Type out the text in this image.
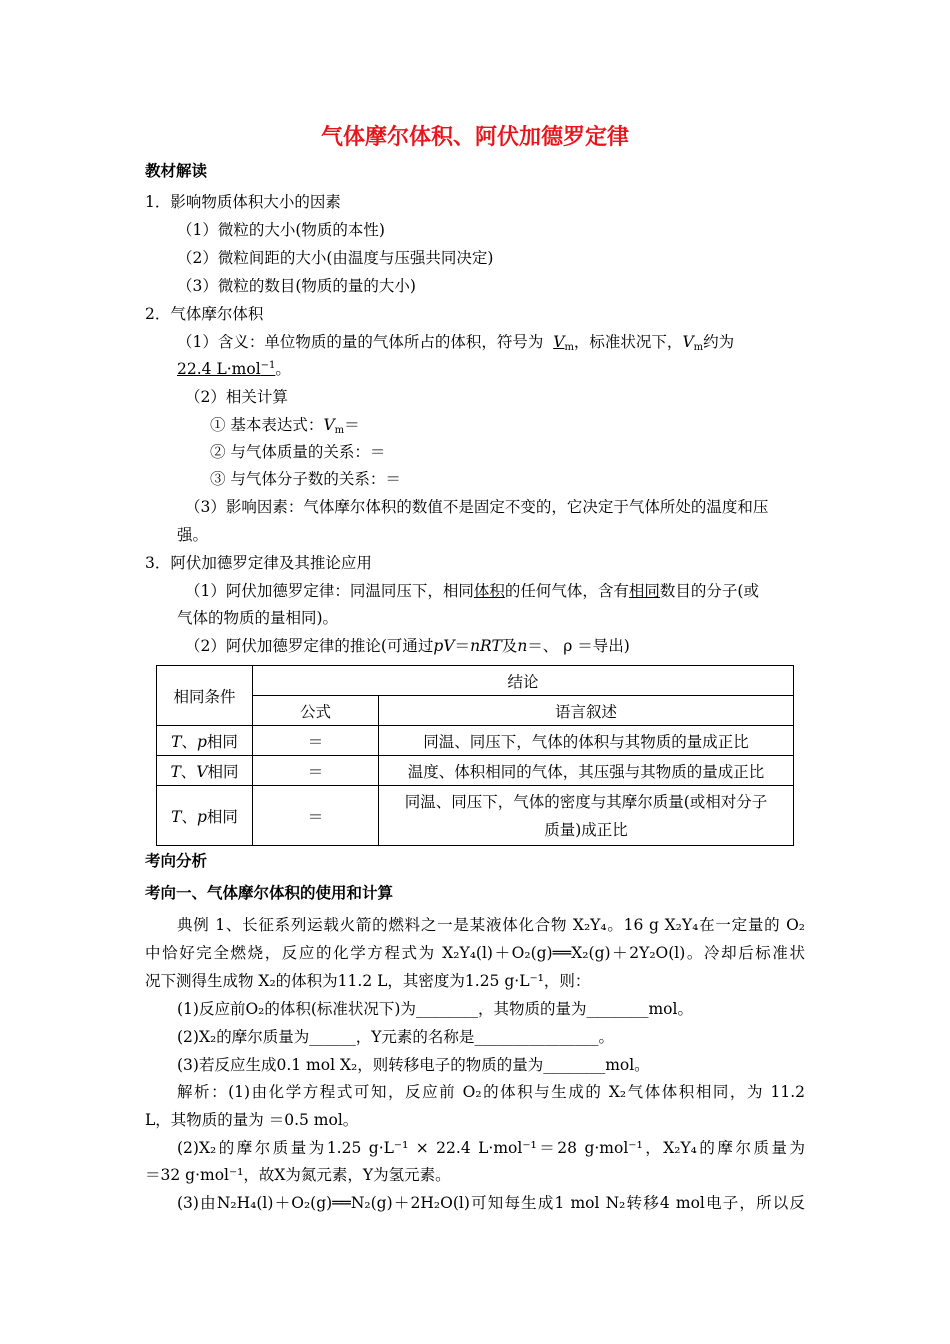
气体摩尔体积、阿伏加德罗定律
教材解读
1．影响物质体积大小的因素
（1）微粒的大小(物质的本性)
（2）微粒间距的大小(由温度与压强共同决定)
（3）微粒的数目(物质的量的大小)
2．气体摩尔体积
（1）含义：单位物质的量的气体所占的体积，符号为 $V_m$，标准状况下，$V_m$约为
22.4 L·mol$^{-1}$。
（2）相关计算
① 基本表达式：$V_m=$
② 与气体质量的关系：＝
③ 与气体分子数的关系：＝
（3）影响因素：气体摩尔体积的数值不是固定不变的，它决定于气体所处的温度和压
强。
3．阿伏加德罗定律及其推论应用
（1）阿伏加德罗定律：同温同压下，相同体积的任何气体，含有相同数目的分子(或
气体的物质的量相同)。
（2）阿伏加德罗定律的推论(可通过pV＝nRT及n＝、 ρ ＝导出)
相同条件	结论	
	公式	语言叙述
T、p相同	＝	同温、同压下，气体的体积与其物质的量成正比
T、V相同	＝	温度、体积相同的气体，其压强与其物质的量成正比
T、p相同	＝	同温、同压下，气体的密度与其摩尔质量(或相对分子
质量)成正比
考向分析
考向一、气体摩尔体积的使用和计算
典例 1、长征系列运载火箭的燃料之一是某液体化合物 X₂Y₄。16 g X₂Y₄在一定量的 O₂
中恰好完全燃烧，反应的化学方程式为 X₂Y₄(l)＋O₂(g)══X₂(g)＋2Y₂O(l)。冷却后标准状
况下测得生成物 X₂的体积为11.2 L，其密度为1.25 g·L⁻¹，则：
(1)反应前O₂的体积(标准状况下)为________，其物质的量为________mol。
(2)X₂的摩尔质量为______，Y元素的名称是________________。
(3)若反应生成0.1 mol X₂，则转移电子的物质的量为________mol。
解析：(1)由化学方程式可知，反应前 O₂的体积与生成的 X₂气体体积相同，为 11.2
L，其物质的量为 ＝0.5 mol。
(2)X₂的摩尔质量为1.25 g·L⁻¹ × 22.4 L·mol⁻¹＝28 g·mol⁻¹，X₂Y₄的摩尔质量为
＝32 g·mol⁻¹，故X为氮元素，Y为氢元素。
(3)由N₂H₄(l)＋O₂(g)══N₂(g)＋2H₂O(l)可知每生成1 mol N₂转移4 mol电子，所以反
